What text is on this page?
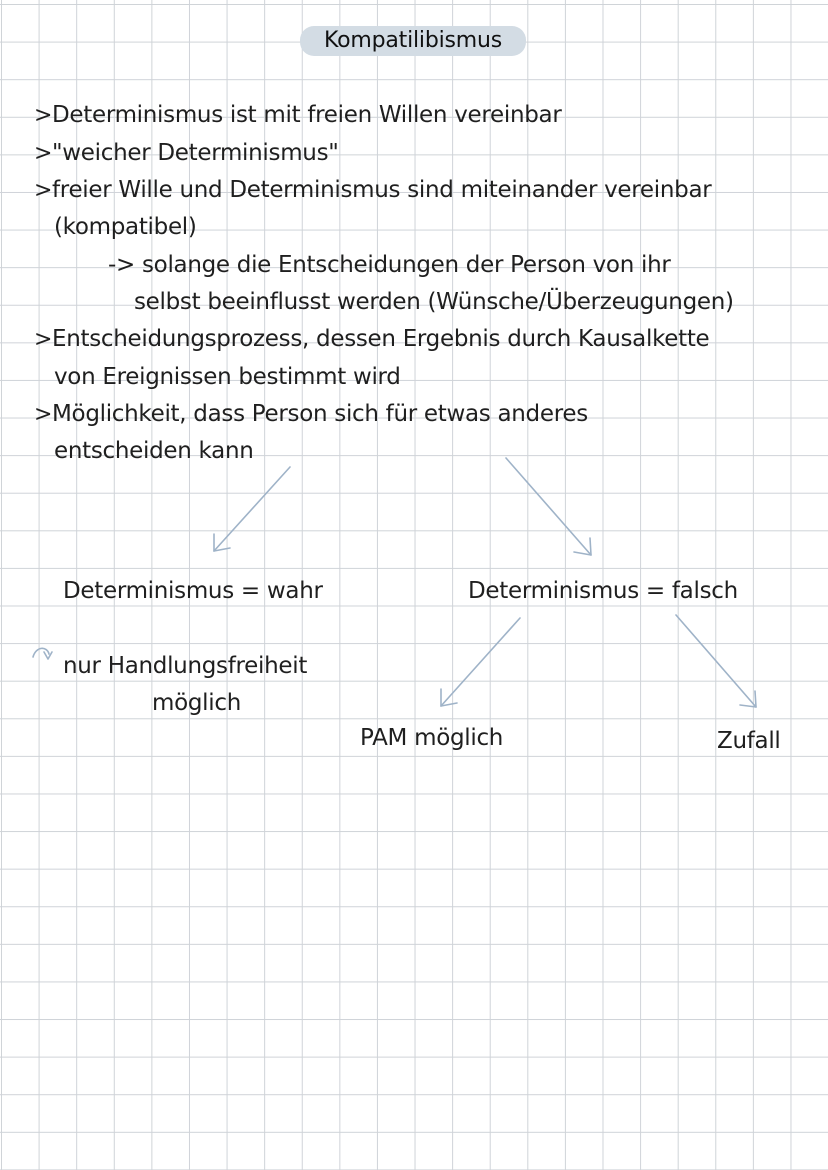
Kompatilibismus
>Determinismus ist mit freien Willen vereinbar
>"weicher Determinismus"
>freier Wille und Determinismus sind miteinander vereinbar
(kompatibel)
-> solange die Entscheidungen der Person von ihr
selbst beeinflusst werden (Wünsche/Überzeugungen)
>Entscheidungsprozess, dessen Ergebnis durch Kausalkette
von Ereignissen bestimmt wird
>Möglichkeit, dass Person sich für etwas anderes
entscheiden kann
Determinismus = wahr	Determinismus = falsch
nur Handlungsfreiheit
möglich
PAM möglich	Zufall
